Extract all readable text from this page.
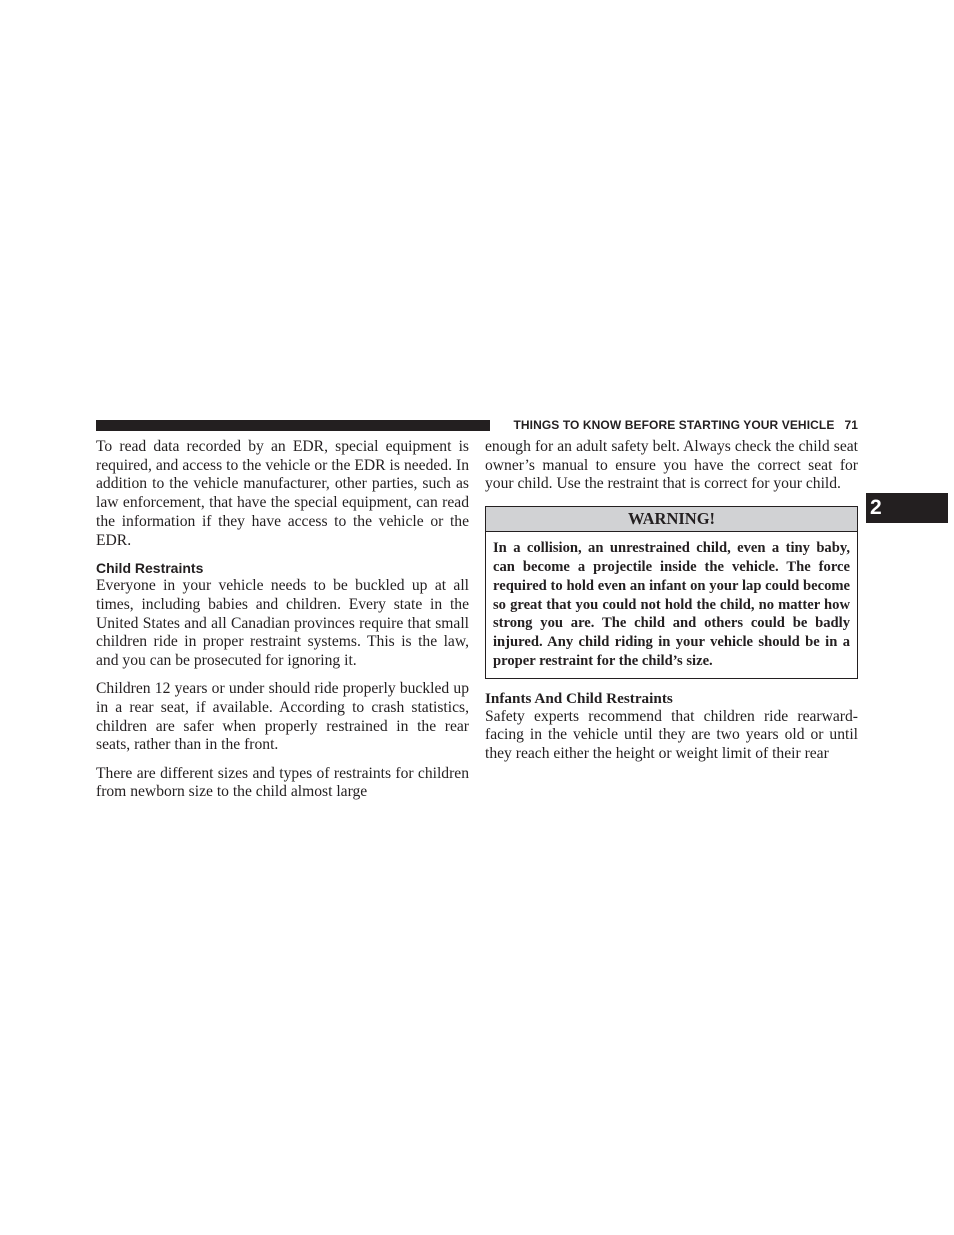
THINGS TO KNOW BEFORE STARTING YOUR VEHICLE 71
2

To read data recorded by an EDR, special equipment is required, and access to the vehicle or the EDR is needed. In addition to the vehicle manufacturer, other parties, such as law enforcement, that have the special equipment, can read the information if they have access to the vehicle or the EDR.

Child Restraints

Everyone in your vehicle needs to be buckled up at all times, including babies and children. Every state in the United States and all Canadian provinces require that small children ride in proper restraint systems. This is the law, and you can be prosecuted for ignoring it.

Children 12 years or under should ride properly buckled up in a rear seat, if available. According to crash statistics, children are safer when properly restrained in the rear seats, rather than in the front.

There are different sizes and types of restraints for children from newborn size to the child almost large

enough for an adult safety belt. Always check the child seat owner’s manual to ensure you have the correct seat for your child. Use the restraint that is correct for your child.

WARNING!
In a collision, an unrestrained child, even a tiny baby, can become a projectile inside the vehicle. The force required to hold even an infant on your lap could become so great that you could not hold the child, no matter how strong you are. The child and others could be badly injured. Any child riding in your vehicle should be in a proper restraint for the child’s size.
Infants And Child Restraints

Safety experts recommend that children ride rearward-facing in the vehicle until they are two years old or until they reach either the height or weight limit of their rear
